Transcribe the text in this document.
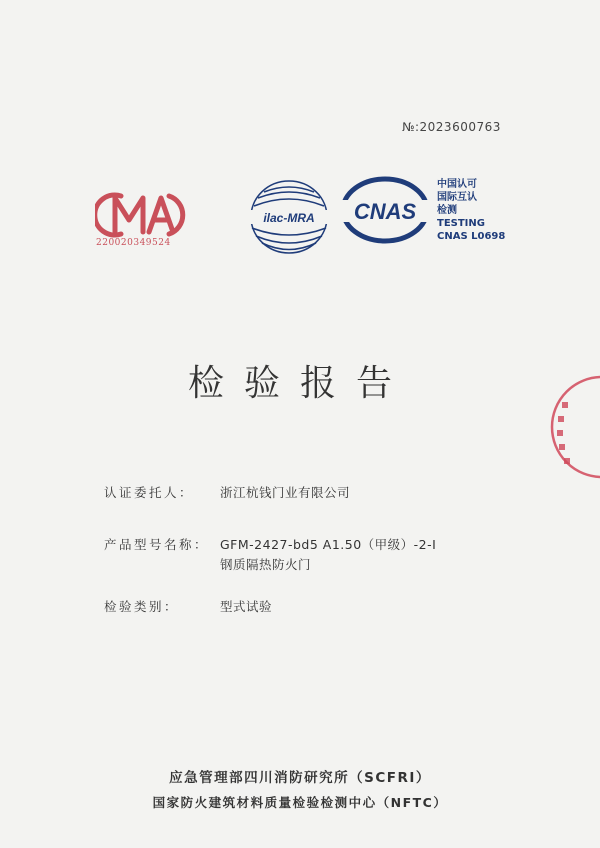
№:2023600763
220020349524
ilac-MRA CNAS
中国认可
国际互认
检测
TESTING
CNAS L0698
检验报告
认证委托人： 浙江杭钱门业有限公司
产品型号名称： GFM-2427-bd5 A1.50（甲级）-2-Ⅰ
钢质隔热防火门
检验类别：	型式试验
应急管理部四川消防研究所（SCFRI）
国家防火建筑材料质量检验检测中心（NFTC）
